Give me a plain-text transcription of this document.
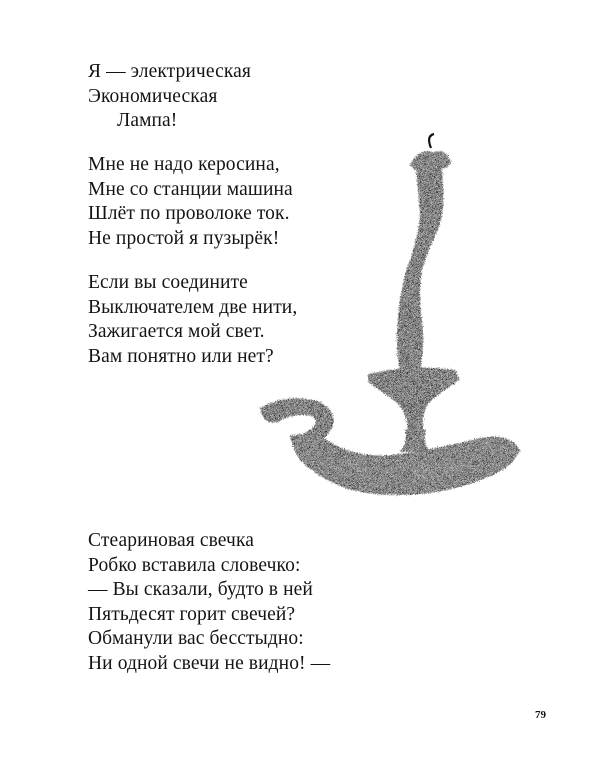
Я — электрическая
Экономическая
Лампа!
Мне не надо керосина,
Мне со станции машина
Шлёт по проволоке ток.
Не простой я пузырёк!
Если вы соедините
Выключателем две нити,
Зажигается мой свет.
Вам понятно или нет?
Стеариновая свечка
Робко вставила словечко:
— Вы сказали, будто в ней
Пятьдесят горит свечей?
Обманули вас бесстыдно:
Ни одной свечи не видно! —
79
